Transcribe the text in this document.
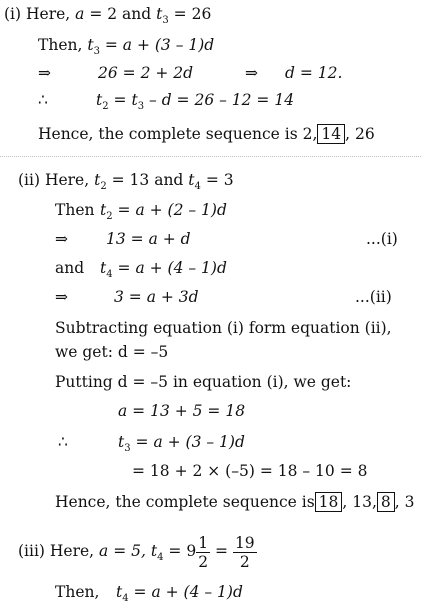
(i) Here, a = 2 and $t_3 = 26$
Then, $t_3 = a + (3 - 1)d$
⇒	26 = 2 + 2d	⇒ d = 12.
∴	$t_2 = t_3 - d = 26 - 12 = 14$
Hence, the complete sequence is 2, 14 , 26
(ii) Here, $t_2 = 13$ and $t_4 = 3$
Then $t_2 = a + (2 - 1)d$
⇒ 13 = a + d	...(i)
and $t_4 = a + (4 - 1)d$
⇒	3 = a + 3d	...(ii)
Subtracting equation (i) form equation (ii),
we get: d = –5
Putting d = –5 in equation (i), we get:
a = 13 + 5 = 18
∴	$t_3 = a + (3 - 1)d$
= 18 + 2 × (–5) = 18 – 10 = 8
Hence, the complete sequence is 18 , 13, 8 , 3
(iii) Here, a = 5, $t_4 = 9 \frac{1}{2} = \frac{19}{2}$
Then, $t_4 = a + (4 - 1)d$
